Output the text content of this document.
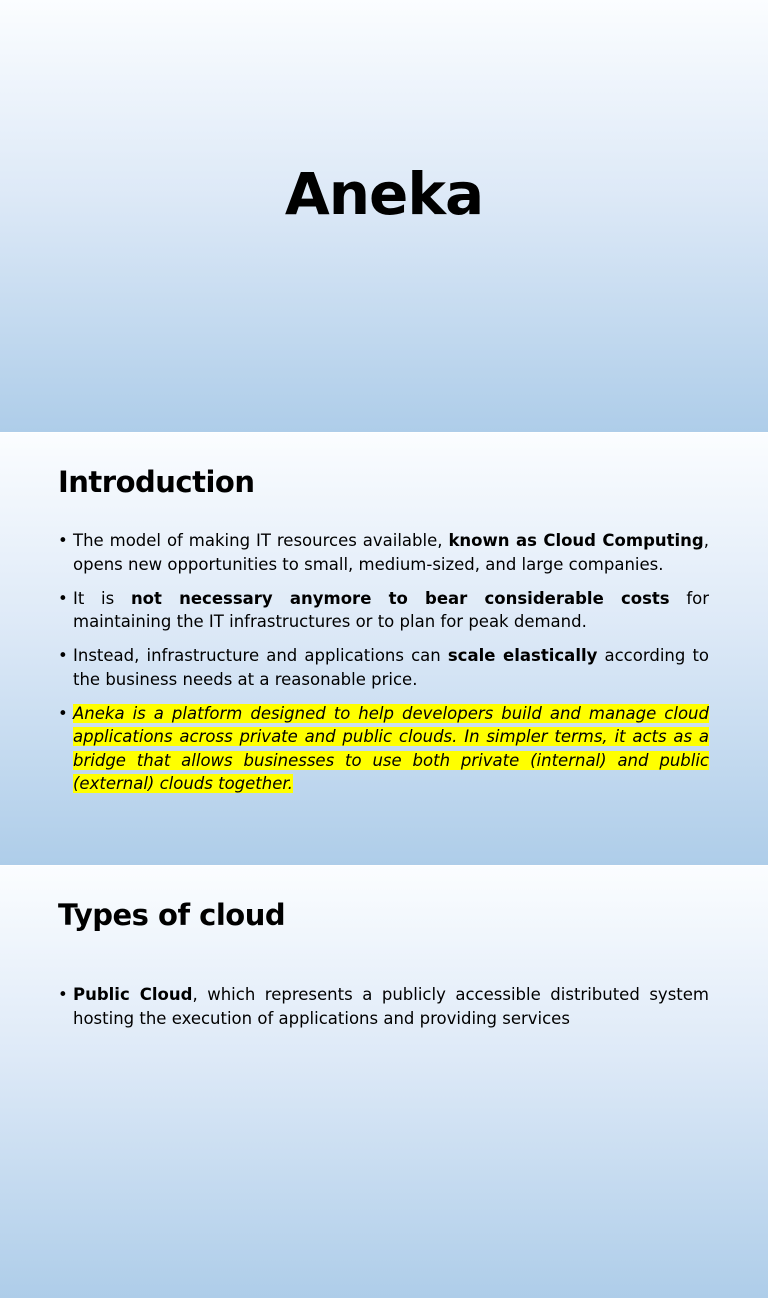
Aneka
Introduction
• The model of making IT resources available, known as Cloud Computing, opens new opportunities to small, medium-sized, and large companies.
• It is not necessary anymore to bear considerable costs for maintaining the IT infrastructures or to plan for peak demand.
• Instead, infrastructure and applications can scale elastically according to the business needs at a reasonable price.
• Aneka is a platform designed to help developers build and manage cloud applications across private and public clouds. In simpler terms, it acts as a bridge that allows businesses to use both private (internal) and public (external) clouds together.
Types of cloud
• Public Cloud, which represents a publicly accessible distributed system hosting the execution of applications and providing services
